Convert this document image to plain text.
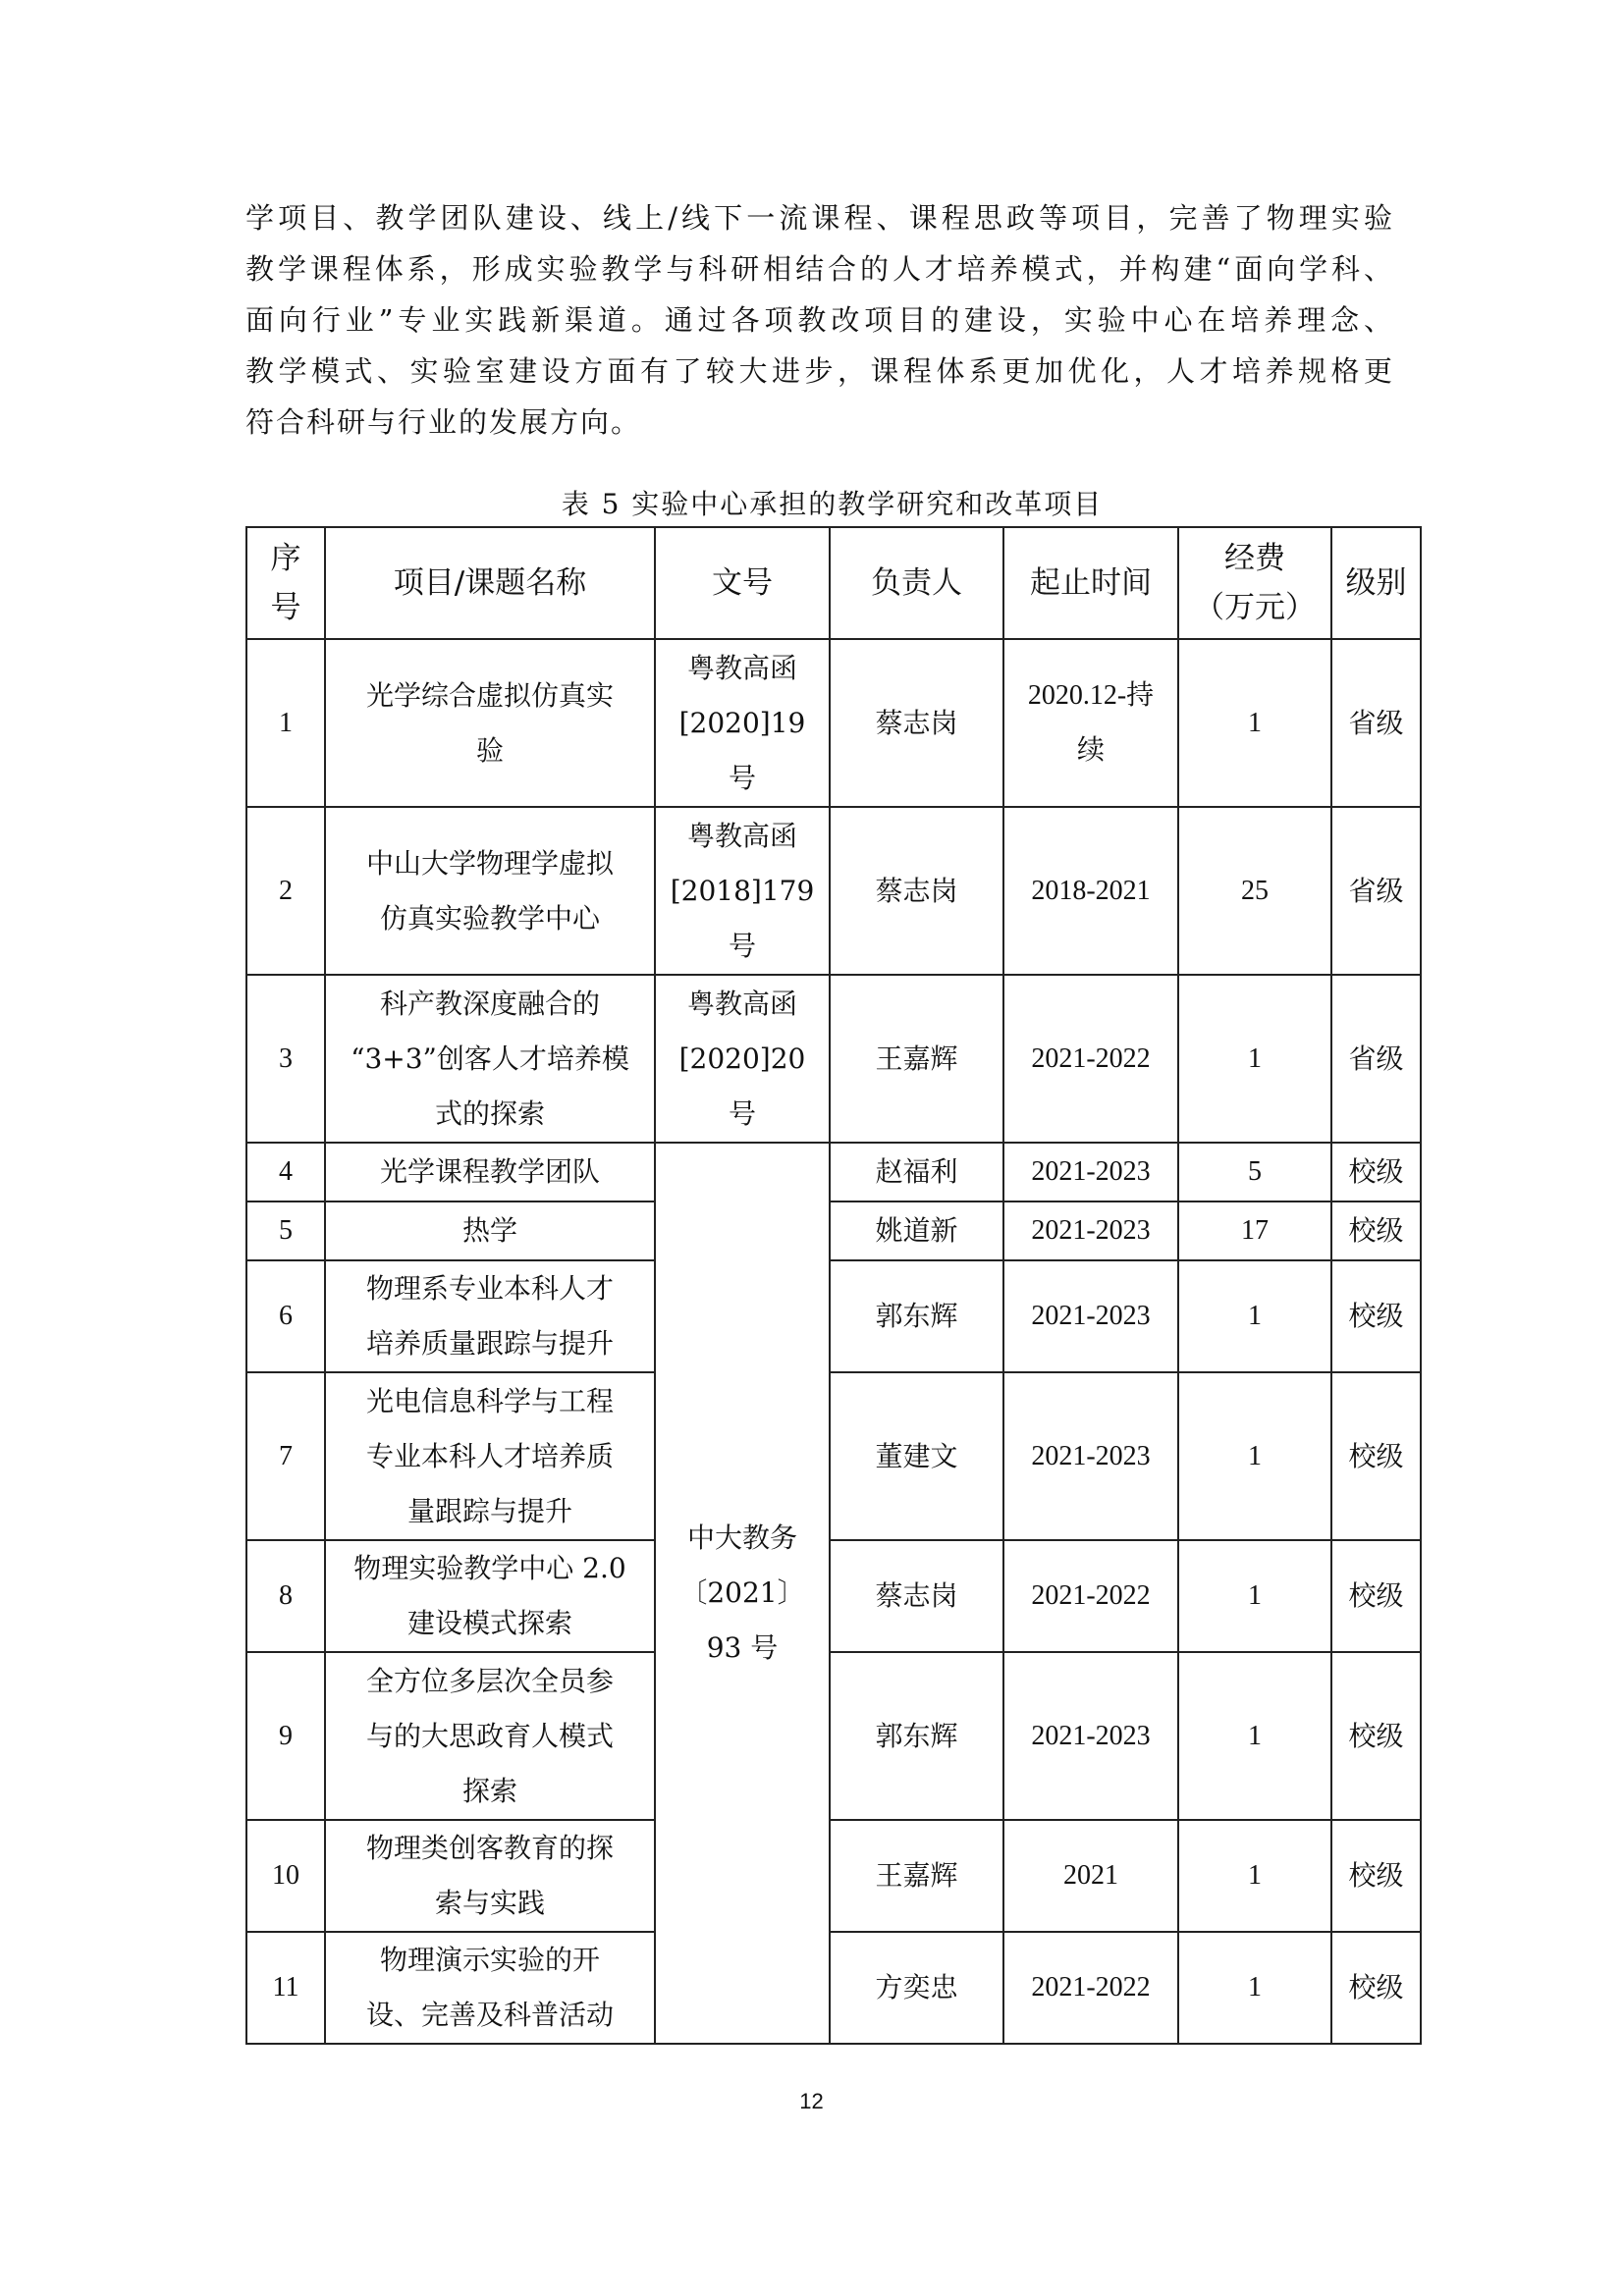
学项目、教学团队建设、线上/线下一流课程、课程思政等项目，完善了物理实验
教学课程体系，形成实验教学与科研相结合的人才培养模式，并构建“面向学科、
面向行业”专业实践新渠道。通过各项教改项目的建设，实验中心在培养理念、
教学模式、实验室建设方面有了较大进步，课程体系更加优化，人才培养规格更
符合科研与行业的发展方向。
表 5 实验中心承担的教学研究和改革项目
序
号	项目/课题名称	文号	负责人	起止时间	经费
（万元）	级别
1	光学综合虚拟仿真实
验	粤教高函
[2020]19
号	蔡志岗	2020.12-持
续	1	省级
2	中山大学物理学虚拟
仿真实验教学中心	粤教高函
[2018]179
号	蔡志岗	2018-2021	25	省级
3	科产教深度融合的
“3+3”创客人才培养模
式的探索	粤教高函
[2020]20
号	王嘉辉	2021-2022	1	省级
4	光学课程教学团队	中大教务
〔2021〕
93 号	赵福利	2021-2023	5	校级
5	热学		姚道新	2021-2023	17	校级
6	物理系专业本科人才
培养质量跟踪与提升		郭东辉	2021-2023	1	校级
7	光电信息科学与工程
专业本科人才培养质
量跟踪与提升		董建文	2021-2023	1	校级
8	物理实验教学中心 2.0
建设模式探索		蔡志岗	2021-2022	1	校级
9	全方位多层次全员参
与的大思政育人模式
探索		郭东辉	2021-2023	1	校级
10	物理类创客教育的探
索与实践		王嘉辉	2021	1	校级
11	物理演示实验的开
设、完善及科普活动		方奕忠	2021-2022	1	校级
12
